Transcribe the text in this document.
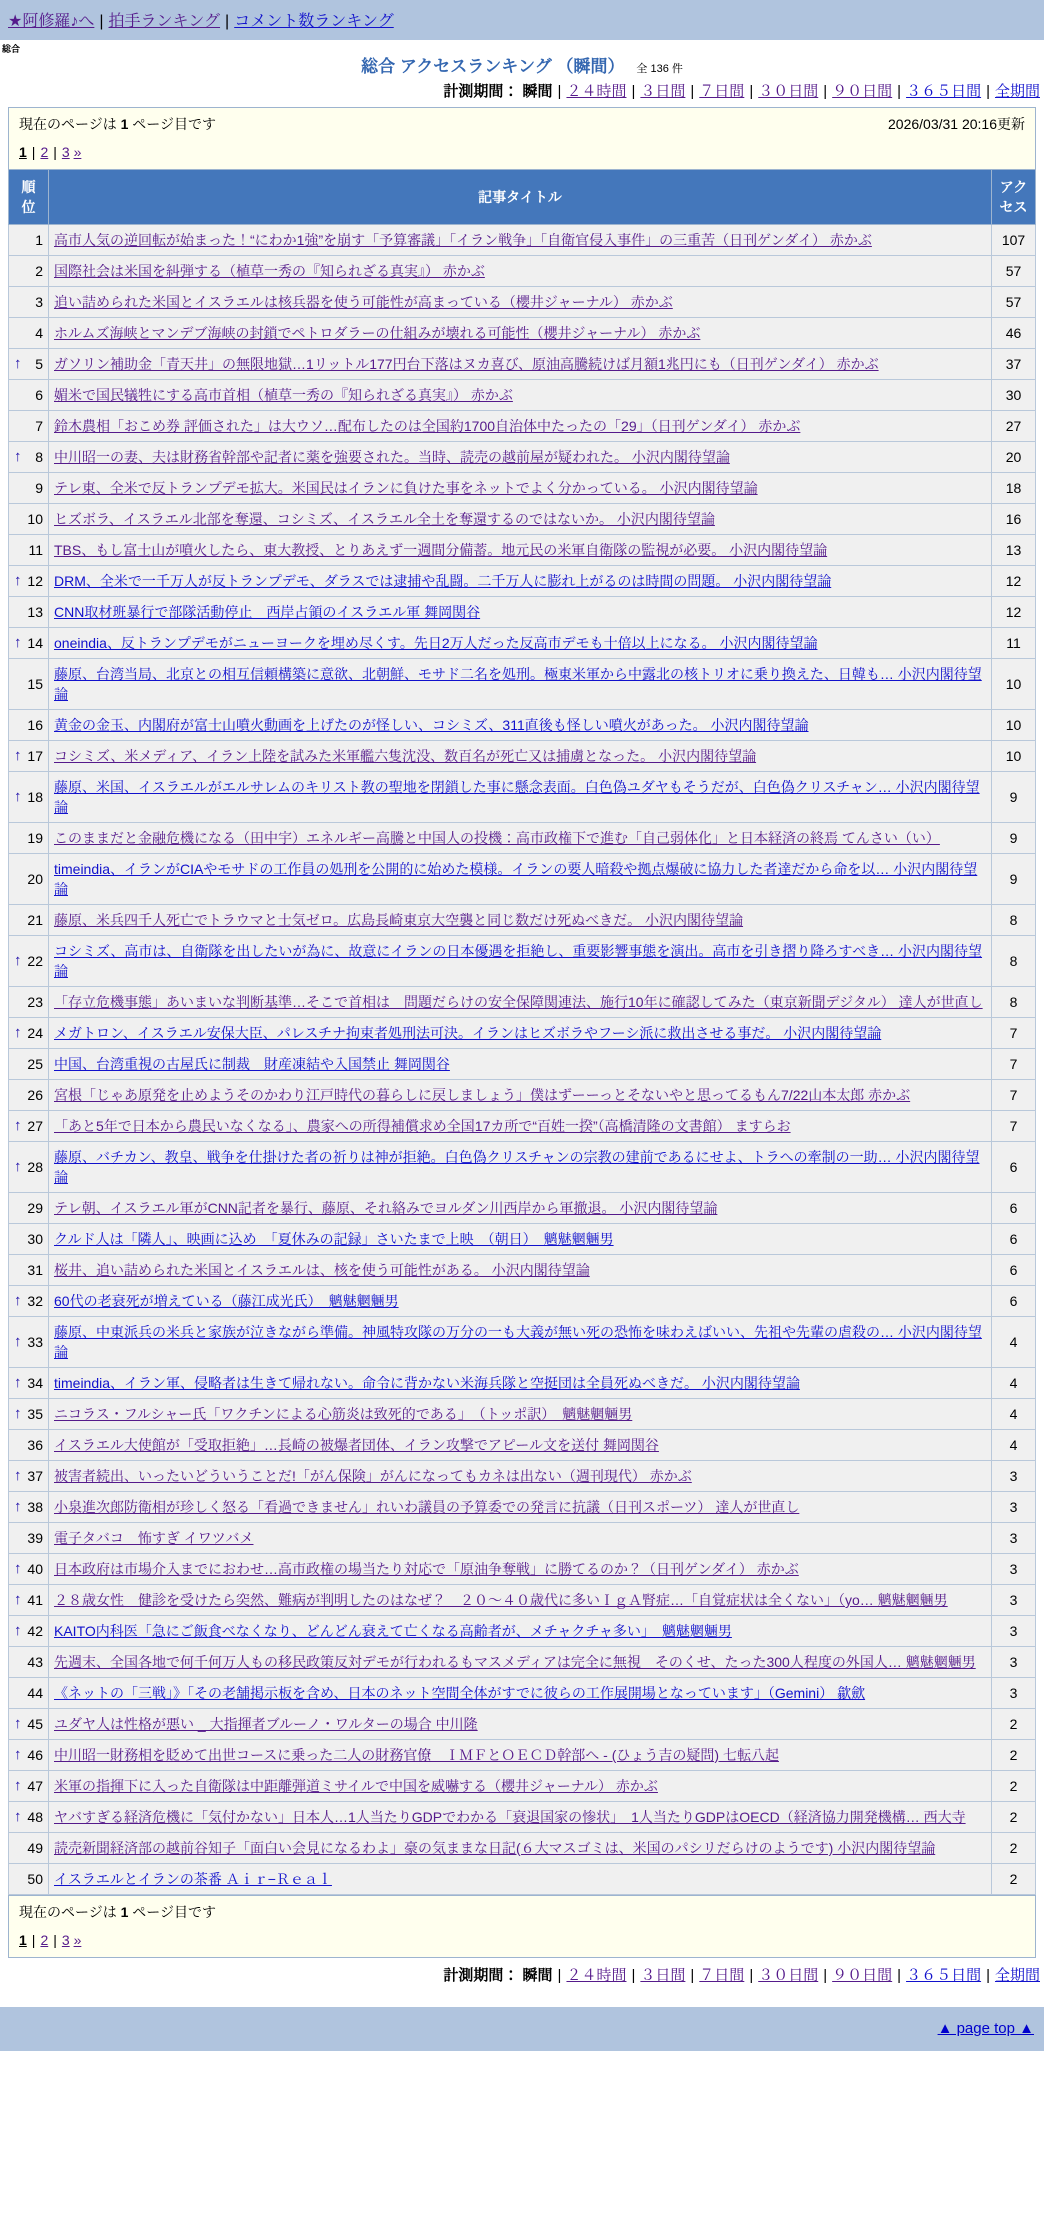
★阿修羅♪へ | 拍手ランキング | コメント数ランキング
総合
総合 アクセスランキング （瞬間） 全 136 件
計測期間： 瞬間 | ２４時間 | ３日間 | ７日間 | ３０日間 | ９０日間 | ３６５日間 | 全期間
現在のページは 1 ページ目です	2026/03/31 20:16更新
1 | 2 | 3 »
順位	記事タイトル	アクセス

1	高市人気の逆回転が始まった！“にわか1強”を崩す「予算審議」「イラン戦争」「自衛官侵入事件」の三重苦（日刊ゲンダイ） 赤かぶ	107

2	国際社会は米国を糾弾する（植草一秀の『知られざる真実』） 赤かぶ	57

3	追い詰められた米国とイスラエルは核兵器を使う可能性が高まっている（櫻井ジャーナル） 赤かぶ	57

4	ホルムズ海峡とマンデブ海峡の封鎖でペトロダラーの仕組みが壊れる可能性（櫻井ジャーナル） 赤かぶ	46

↑ 5	ガソリン補助金「青天井」の無限地獄…1リットル177円台下落はヌカ喜び、原油高騰続けば月額1兆円にも（日刊ゲンダイ） 赤かぶ	37

6	媚米で国民犠牲にする高市首相（植草一秀の『知られざる真実』） 赤かぶ	30

7	鈴木農相「おこめ券 評価された」は大ウソ…配布したのは全国約1700自治体中たったの「29」（日刊ゲンダイ） 赤かぶ	27

↑ 8	中川昭一の妻、夫は財務省幹部や記者に薬を強要された。当時、読売の越前屋が疑われた。 小沢内閣待望論	20

9	テレ東、全米で反トランプデモ拡大。米国民はイランに負けた事をネットでよく分かっている。 小沢内閣待望論	18

10	ヒズボラ、イスラエル北部を奪還、コシミズ、イスラエル全土を奪還するのではないか。 小沢内閣待望論	16

11	TBS、もし富士山が噴火したら、東大教授、とりあえず一週間分備蓄。地元民の米軍自衛隊の監視が必要。 小沢内閣待望論	13

↑ 12	DRM、全米で一千万人が反トランプデモ、ダラスでは逮捕や乱闘。二千万人に膨れ上がるのは時間の問題。 小沢内閣待望論	12

13	CNN取材班暴行で部隊活動停止　西岸占領のイスラエル軍 舞岡関谷	12

↑ 14	oneindia、反トランプデモがニューヨークを埋め尽くす。先日2万人だった反高市デモも十倍以上になる。 小沢内閣待望論	11

15	藤原、台湾当局、北京との相互信頼構築に意欲、北朝鮮、モサド二名を処刑。極東米軍から中露北の核トリオに乗り換えた、日韓も… 小沢内閣待望論	10

16	黄金の金玉、内閣府が富士山噴火動画を上げたのが怪しい、コシミズ、311直後も怪しい噴火があった。 小沢内閣待望論	10

↑ 17	コシミズ、米メディア、イラン上陸を試みた米軍艦六隻沈没、数百名が死亡又は捕虜となった。 小沢内閣待望論	10

↑ 18	藤原、米国、イスラエルがエルサレムのキリスト教の聖地を閉鎖した事に懸念表面。白色偽ユダヤもそうだが、白色偽クリスチャン… 小沢内閣待望論	9

19	このままだと金融危機になる（田中宇）エネルギー高騰と中国人の投機：高市政権下で進む「自己弱体化」と日本経済の終焉 てんさい（い）	9

20	timeindia、イランがCIAやモサドの工作員の処刑を公開的に始めた模様。イランの要人暗殺や拠点爆破に協力した者達だから命を以… 小沢内閣待望論	9

21	藤原、米兵四千人死亡でトラウマと士気ゼロ。広島長崎東京大空襲と同じ数だけ死ぬべきだ。 小沢内閣待望論	8

↑ 22	コシミズ、高市は、自衛隊を出したいが為に、故意にイランの日本優遇を拒絶し、重要影響事態を演出。高市を引き摺り降ろすべき… 小沢内閣待望論	8

23	「存立危機事態」あいまいな判断基準…そこで首相は　問題だらけの安全保障関連法、施行10年に確認してみた（東京新聞デジタル） 達人が世直し	8

↑ 24	メガトロン、イスラエル安保大臣、パレスチナ拘束者処刑法可決。イランはヒズボラやフーシ派に救出させる事だ。 小沢内閣待望論	7

25	中国、台湾重視の古屋氏に制裁　財産凍結や入国禁止 舞岡関谷	7

26	宮根「じゃあ原発を止めようそのかわり江戸時代の暮らしに戻しましょう」僕はずーーっとそないやと思ってるもん7/22山本太郎 赤かぶ	7

↑ 27	「あと5年で日本から農民いなくなる」、農家への所得補償求め全国17カ所で“百姓一揆”（高橋清隆の文書館） ますらお	7

↑ 28	藤原、バチカン、教皇、戦争を仕掛けた者の祈りは神が拒絶。白色偽クリスチャンの宗教の建前であるにせよ、トラへの牽制の一助… 小沢内閣待望論	6

29	テレ朝、イスラエル軍がCNN記者を暴行、藤原、それ絡みでヨルダン川西岸から軍撤退。 小沢内閣待望論	6

30	クルド人は「隣人」、映画に込め　「夏休みの記録」さいたまで上映　（朝日）　魑魅魍魎男	6

31	桜井、追い詰められた米国とイスラエルは、核を使う可能性がある。 小沢内閣待望論	6

↑ 32	60代の老衰死が増えている（藤江成光氏）　魑魅魍魎男	6

↑ 33	藤原、中東派兵の米兵と家族が泣きながら準備。神風特攻隊の万分の一も大義が無い死の恐怖を味わえばいい、先祖や先輩の虐殺の… 小沢内閣待望論	4

↑ 34	timeindia、イラン軍、侵略者は生きて帰れない。命令に背かない米海兵隊と空挺団は全員死ぬべきだ。 小沢内閣待望論	4

↑ 35	ニコラス・フルシャー氏「ワクチンによる心筋炎は致死的である」　（トッポ訳）　魑魅魍魎男	4

36	イスラエル大使館が「受取拒絶」…長崎の被爆者団体、イラン攻撃でアピール文を送付 舞岡関谷	4

↑ 37	被害者続出、いったいどういうことだ!「がん保険」がんになってもカネは出ない（週刊現代） 赤かぶ	3

↑ 38	小泉進次郎防衛相が珍しく怒る「看過できません」れいわ議員の予算委での発言に抗議（日刊スポーツ） 達人が世直し	3

39	電子タバコ　怖すぎ イワツバメ	3

↑ 40	日本政府は市場介入までにおわせ…高市政権の場当たり対応で「原油争奪戦」に勝てるのか？（日刊ゲンダイ） 赤かぶ	3

↑ 41	２８歳女性　健診を受けたら突然、難病が判明したのはなぜ？　２０～４０歳代に多いＩｇＡ腎症…「自覚症状は全くない」（yo… 魑魅魍魎男	3

↑ 42	KAITO内科医「急にご飯食べなくなり、どんどん衰えて亡くなる高齢者が、メチャクチャ多い」　魑魅魍魎男	3

43	先週末、全国各地で何千何万人もの移民政策反対デモが行われるもマスメディアは完全に無視　そのくせ、たった300人程度の外国人… 魑魅魍魎男	3

44	《ネットの「三戦」》「その老舗掲示板を含め、日本のネット空間全体がすでに彼らの工作展開場となっています」（Gemini） 歙歛	3

↑ 45	ユダヤ人は性格が悪い _ 大指揮者ブルーノ・ワルターの場合 中川隆	2

↑ 46	中川昭一財務相を貶めて出世コースに乗った二人の財務官僚　ＩＭＦとＯＥＣＤ幹部へ - (ひょう吉の疑問) 七転八起	2

↑ 47	米軍の指揮下に入った自衛隊は中距離弾道ミサイルで中国を威嚇する（櫻井ジャーナル） 赤かぶ	2

↑ 48	ヤバすぎる経済危機に「気付かない」日本人…1人当たりGDPでわかる「衰退国家の惨状」　1人当たりGDPはOECD（経済協力開発機構… 西大寺	2

49	読売新聞経済部の越前谷知子「面白い会見になるわよ」豪の気ままな日記(６大マスゴミは、米国のパシリだらけのようです) 小沢内閣待望論	2

50	イスラエルとイランの茶番 Ａｉｒ−Ｒｅａｌ	2
現在のページは 1 ページ目です
1 | 2 | 3 »
計測期間： 瞬間 | ２４時間 | ３日間 | ７日間 | ３０日間 | ９０日間 | ３６５日間 | 全期間
▲ page top ▲
